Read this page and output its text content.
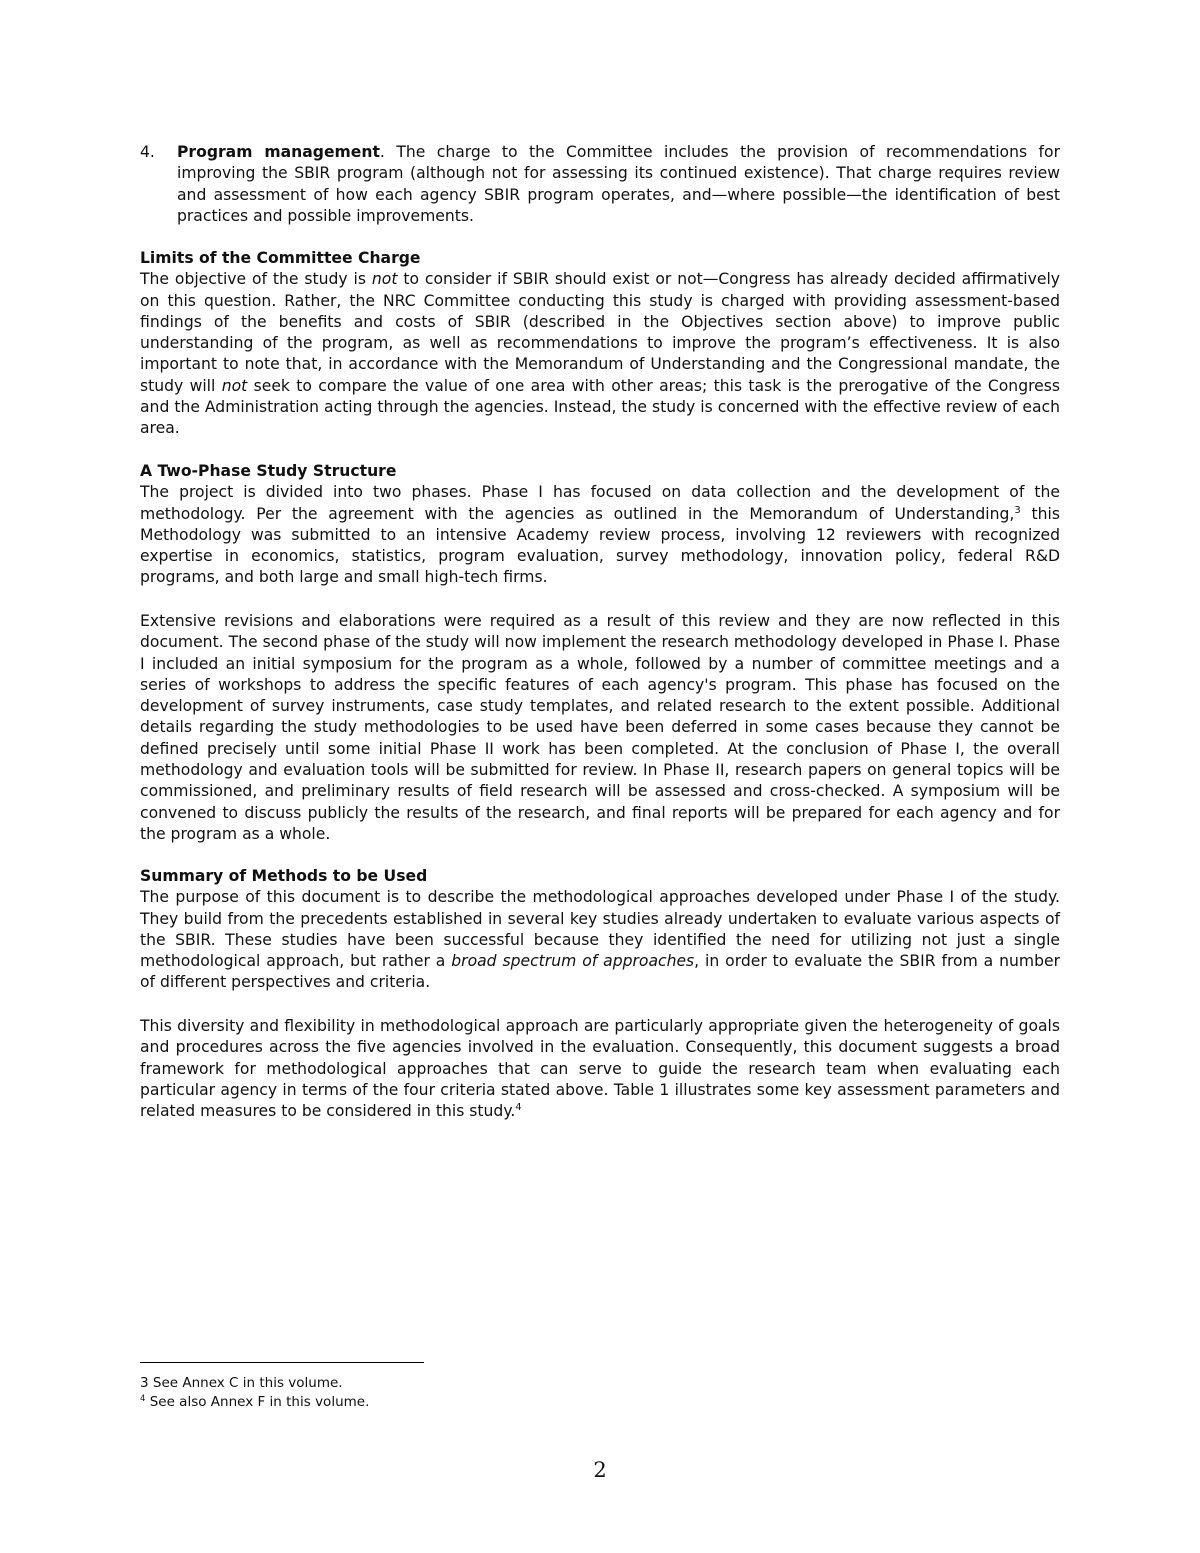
4.	Program management. The charge to the Committee includes the provision of recommendations for improving the SBIR program (although not for assessing its continued existence). That charge requires review and assessment of how each agency SBIR program operates, and—where possible—the identification of best practices and possible improvements.
Limits of the Committee Charge

The objective of the study is not to consider if SBIR should exist or not—Congress has already decided affirmatively on this question. Rather, the NRC Committee conducting this study is charged with providing assessment-based findings of the benefits and costs of SBIR (described in the Objectives section above) to improve public understanding of the program, as well as recommendations to improve the program’s effectiveness. It is also important to note that, in accordance with the Memorandum of Understanding and the Congressional mandate, the study will not seek to compare the value of one area with other areas; this task is the prerogative of the Congress and the Administration acting through the agencies. Instead, the study is concerned with the effective review of each area.

A Two-Phase Study Structure

The project is divided into two phases. Phase I has focused on data collection and the development of the methodology. Per the agreement with the agencies as outlined in the Memorandum of Understanding,$^3$ this Methodology was submitted to an intensive Academy review process, involving 12 reviewers with recognized expertise in economics, statistics, program evaluation, survey methodology, innovation policy, federal R&D programs, and both large and small high-tech firms.

Extensive revisions and elaborations were required as a result of this review and they are now reflected in this document. The second phase of the study will now implement the research methodology developed in Phase I. Phase I included an initial symposium for the program as a whole, followed by a number of committee meetings and a series of workshops to address the specific features of each agency's program. This phase has focused on the development of survey instruments, case study templates, and related research to the extent possible. Additional details regarding the study methodologies to be used have been deferred in some cases because they cannot be defined precisely until some initial Phase II work has been completed. At the conclusion of Phase I, the overall methodology and evaluation tools will be submitted for review. In Phase II, research papers on general topics will be commissioned, and preliminary results of field research will be assessed and cross-checked. A symposium will be convened to discuss publicly the results of the research, and final reports will be prepared for each agency and for the program as a whole.

Summary of Methods to be Used

The purpose of this document is to describe the methodological approaches developed under Phase I of the study. They build from the precedents established in several key studies already undertaken to evaluate various aspects of the SBIR. These studies have been successful because they identified the need for utilizing not just a single methodological approach, but rather a broad spectrum of approaches, in order to evaluate the SBIR from a number of different perspectives and criteria.

This diversity and flexibility in methodological approach are particularly appropriate given the heterogeneity of goals and procedures across the five agencies involved in the evaluation. Consequently, this document suggests a broad framework for methodological approaches that can serve to guide the research team when evaluating each particular agency in terms of the four criteria stated above. Table 1 illustrates some key assessment parameters and related measures to be considered in this study.$^4$

3 See Annex C in this volume.
$^4$ See also Annex F in this volume.
2
